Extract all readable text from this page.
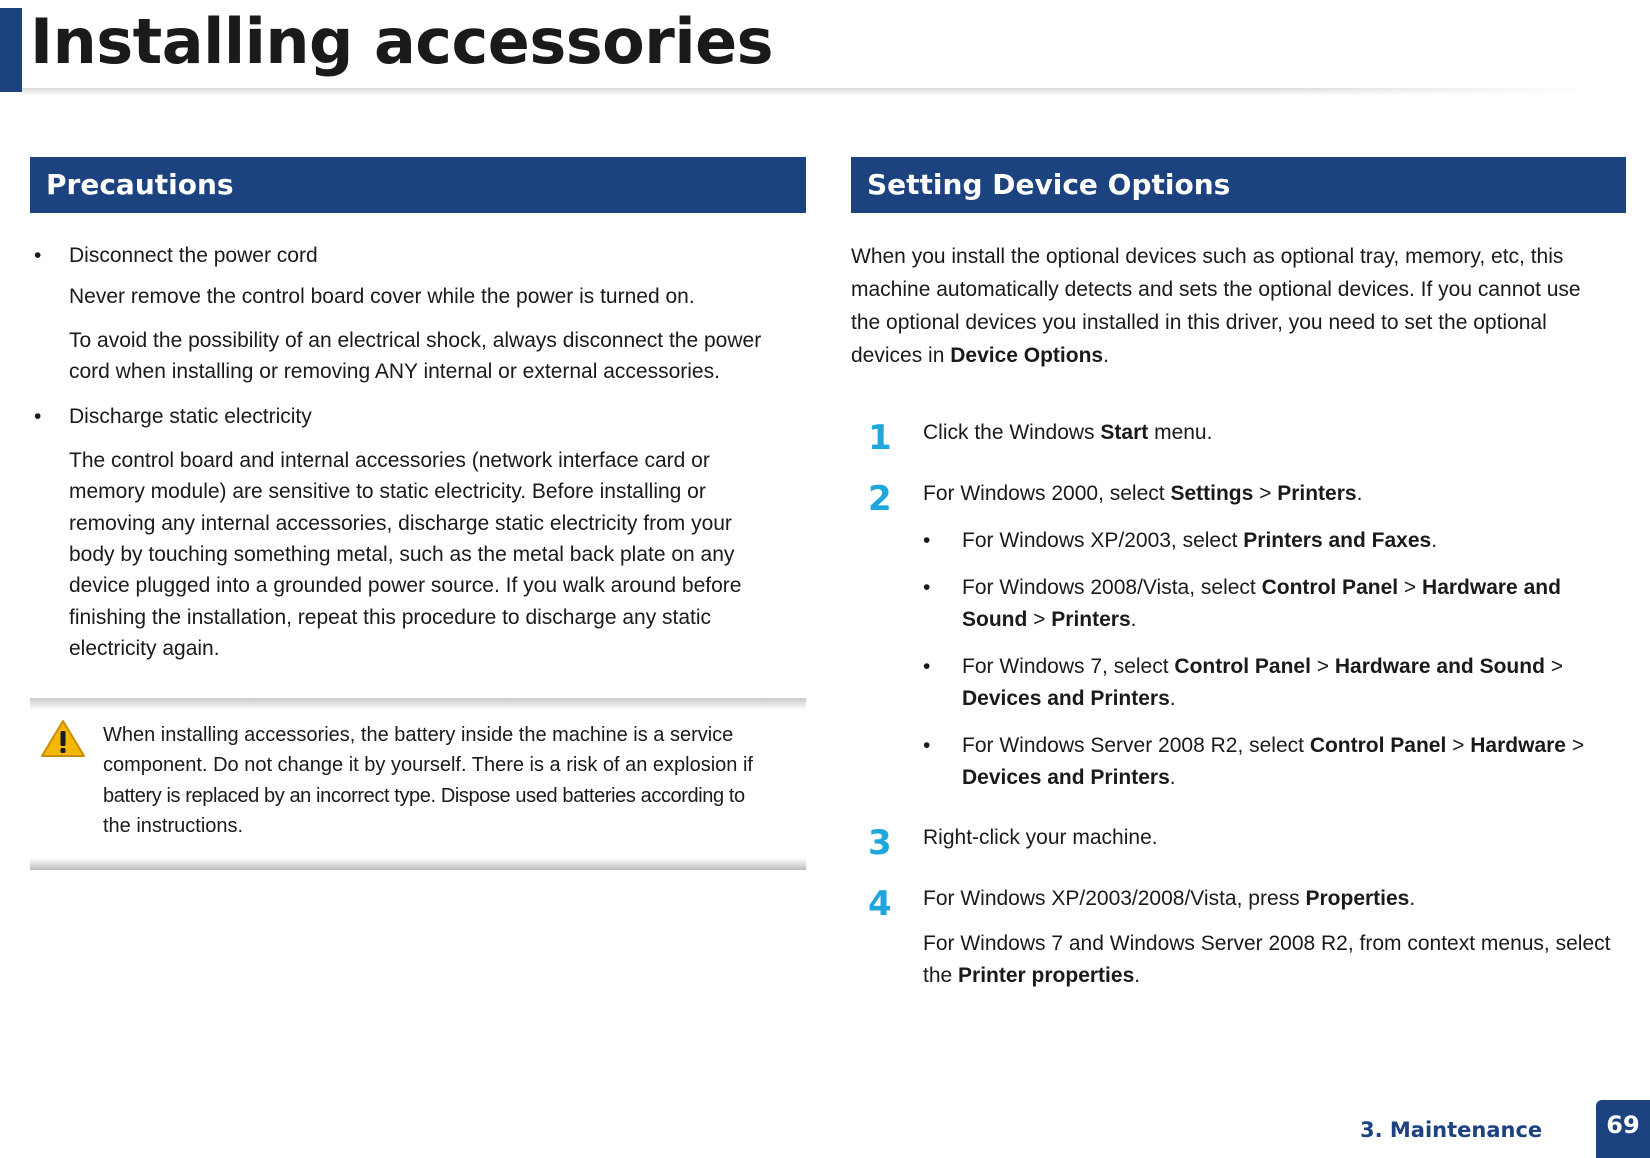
Installing accessories
Precautions
• Disconnect the power cord
Never remove the control board cover while the power is turned on.
To avoid the possibility of an electrical shock, always disconnect the power
cord when installing or removing ANY internal or external accessories.
• Discharge static electricity
The control board and internal accessories (network interface card or
memory module) are sensitive to static electricity. Before installing or
removing any internal accessories, discharge static electricity from your
body by touching something metal, such as the metal back plate on any
device plugged into a grounded power source. If you walk around before
finishing the installation, repeat this procedure to discharge any static
electricity again.
When installing accessories, the battery inside the machine is a service
component. Do not change it by yourself. There is a risk of an explosion if
battery is replaced by an incorrect type. Dispose used batteries according to
the instructions.
Setting Device Options
When you install the optional devices such as optional tray, memory, etc, this
machine automatically detects and sets the optional devices. If you cannot use
the optional devices you installed in this driver, you need to set the optional
devices in Device Options.
1 Click the Windows Start menu.
2 For Windows 2000, select Settings > Printers.
• For Windows XP/2003, select Printers and Faxes.
• For Windows 2008/Vista, select Control Panel > Hardware and
Sound > Printers.
• For Windows 7, select Control Panel > Hardware and Sound >
Devices and Printers.
• For Windows Server 2008 R2, select Control Panel > Hardware >
Devices and Printers.
3 Right-click your machine.
4 For Windows XP/2003/2008/Vista, press Properties.
For Windows 7 and Windows Server 2008 R2, from context menus, select
the Printer properties.
3. Maintenance	69
